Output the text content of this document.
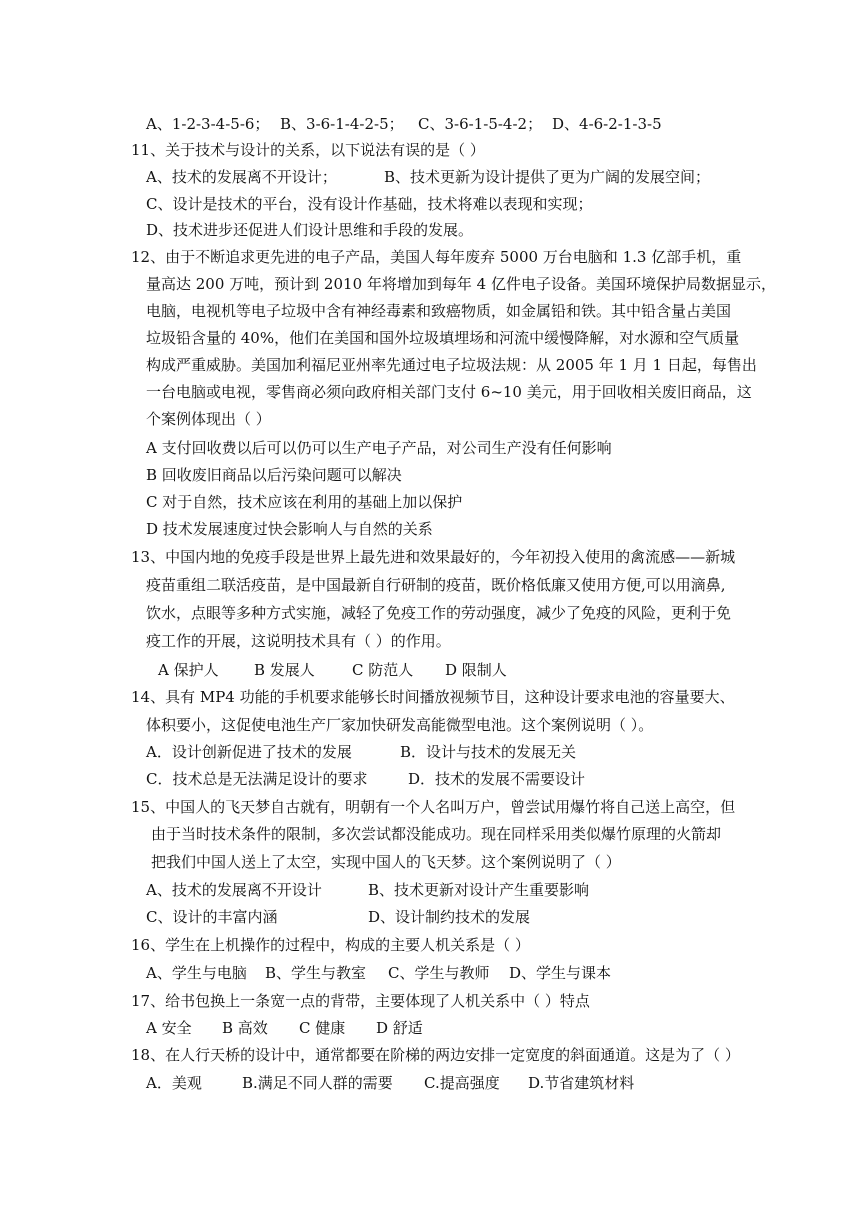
A、1-2-3-4-5-6； B、3-6-1-4-2-5； C、3-6-1-5-4-2； D、4-6-2-1-3-5
11、关于技术与设计的关系，以下说法有误的是（ ）
A、技术的发展离不开设计；	B、技术更新为设计提供了更为广阔的发展空间；
C、设计是技术的平台，没有设计作基础，技术将难以表现和实现；
D、技术进步还促进人们设计思维和手段的发展。
12、由于不断追求更先进的电子产品，美国人每年废弃 5000 万台电脑和 1.3 亿部手机，重
量高达 200 万吨，预计到 2010 年将增加到每年 4 亿件电子设备。美国环境保护局数据显示，
电脑，电视机等电子垃圾中含有神经毒素和致癌物质，如金属铅和铁。其中铅含量占美国
垃圾铅含量的 40%，他们在美国和国外垃圾填埋场和河流中缓慢降解，对水源和空气质量
构成严重威胁。美国加利福尼亚州率先通过电子垃圾法规：从 2005 年 1 月 1 日起，每售出
一台电脑或电视，零售商必须向政府相关部门支付 6~10 美元，用于回收相关废旧商品，这
个案例体现出（ ）
A 支付回收费以后可以仍可以生产电子产品，对公司生产没有任何影响
B 回收废旧商品以后污染问题可以解决
C 对于自然，技术应该在利用的基础上加以保护
D 技术发展速度过快会影响人与自然的关系
13、中国内地的免疫手段是世界上最先进和效果最好的，今年初投入使用的禽流感——新城
疫苗重组二联活疫苗，是中国最新自行研制的疫苗，既价格低廉又使用方便,可以用滴鼻,
饮水，点眼等多种方式实施，减轻了免疫工作的劳动强度，减少了免疫的风险，更利于免
疫工作的开展，这说明技术具有（ ）的作用。
A 保护人 B 发展人 C 防范人 D 限制人
14、具有 MP4 功能的手机要求能够长时间播放视频节目，这种设计要求电池的容量要大、
体积要小，这促使电池生产厂家加快研发高能微型电池。这个案例说明（ ）。
A．设计创新促进了技术的发展	B．设计与技术的发展无关
C．技术总是无法满足设计的要求	D．技术的发展不需要设计
15、中国人的飞天梦自古就有，明朝有一个人名叫万户，曾尝试用爆竹将自己送上高空，但
由于当时技术条件的限制，多次尝试都没能成功。现在同样采用类似爆竹原理的火箭却
把我们中国人送上了太空，实现中国人的飞天梦。这个案例说明了（ ）
A、技术的发展离不开设计	B、技术更新对设计产生重要影响
C、设计的丰富内涵	D、设计制约技术的发展
16、学生在上机操作的过程中，构成的主要人机关系是（ ）
A、学生与电脑 B、学生与教室 C、学生与教师 D、学生与课本
17、给书包换上一条宽一点的背带，主要体现了人机关系中（ ）特点
A 安全 B 高效 C 健康 D 舒适
18、在人行天桥的设计中，通常都要在阶梯的两边安排一定宽度的斜面通道。这是为了（ ）
A．美观	B.满足不同人群的需要 C.提高强度 D.节省建筑材料
